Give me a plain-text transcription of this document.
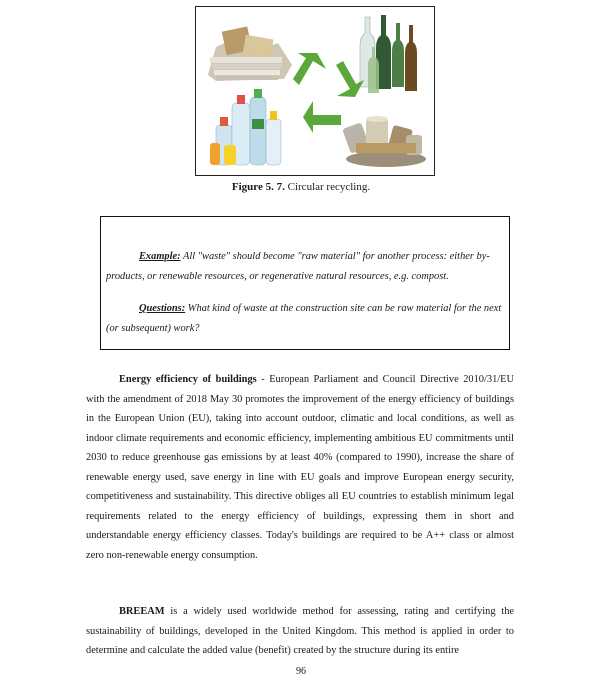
Figure 5. 7. Circular recycling.

Example: All "waste" should become "raw material" for another process: either by-products, or renewable resources, or regenerative natural resources, e.g. compost.

Questions: What kind of waste at the construction site can be raw material for the next (or subsequent) work?

Energy efficiency of buildings - European Parliament and Council Directive 2010/31/EU with the amendment of 2018 May 30 promotes the improvement of the energy efficiency of buildings in the European Union (EU), taking into account outdoor, climatic and local conditions, as well as indoor climate requirements and economic efficiency, implementing ambitious EU commitments until 2030 to reduce greenhouse gas emissions by at least 40% (compared to 1990), increase the share of renewable energy used, save energy in line with EU goals and improve European energy security, competitiveness and sustainability. This directive obliges all EU countries to establish minimum legal requirements related to the energy efficiency of buildings, expressing them in short and understandable energy efficiency classes. Today's buildings are required to be A++ class or almost zero non-renewable energy consumption.

BREEAM is a widely used worldwide method for assessing, rating and certifying the sustainability of buildings, developed in the United Kingdom. This method is applied in order to determine and calculate the added value (benefit) created by the structure during its entire

96
